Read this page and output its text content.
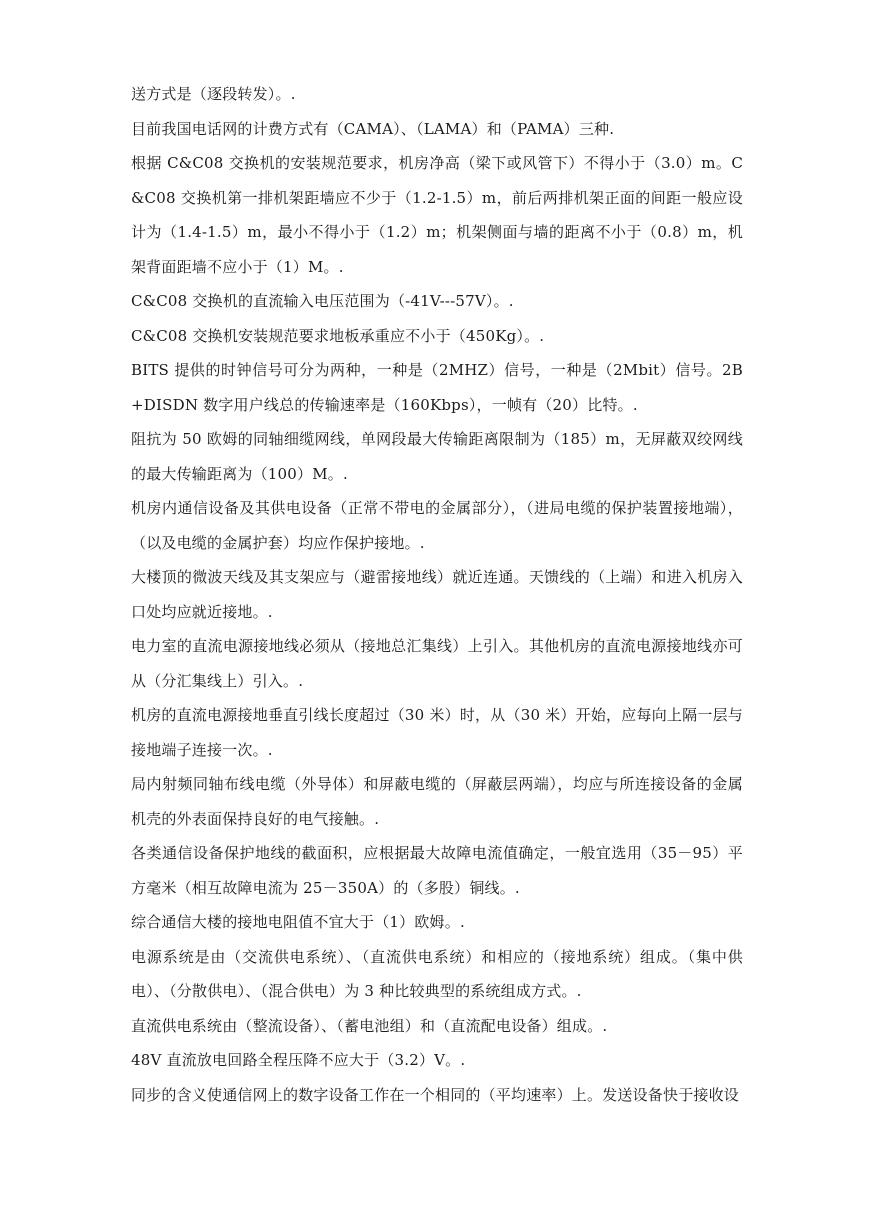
送方式是（逐段转发）。.

目前我国电话网的计费方式有（CAMA）、（LAMA）和（PAMA）三种.

根据 C&C08 交换机的安装规范要求，机房净高（梁下或风管下）不得小于（3.0）m。C&C08 交换机第一排机架距墙应不少于（1.2-1.5）m，前后两排机架正面的间距一般应设计为（1.4-1.5）m，最小不得小于（1.2）m；机架侧面与墙的距离不小于（0.8）m，机架背面距墙不应小于（1）M。.

C&C08 交换机的直流输入电压范围为（-41V---57V）。.

C&C08 交换机安装规范要求地板承重应不小于（450Kg）。.

BITS 提供的时钟信号可分为两种，一种是（2MHZ）信号，一种是（2Mbit）信号。2B+DISDN 数字用户线总的传输速率是（160Kbps），一帧有（20）比特。.

阻抗为 50 欧姆的同轴细缆网线，单网段最大传输距离限制为（185）m，无屏蔽双绞网线的最大传输距离为（100）M。.

机房内通信设备及其供电设备（正常不带电的金属部分），（进局电缆的保护装置接地端），（以及电缆的金属护套）均应作保护接地。.

大楼顶的微波天线及其支架应与（避雷接地线）就近连通。天馈线的（上端）和进入机房入口处均应就近接地。.

电力室的直流电源接地线必须从（接地总汇集线）上引入。其他机房的直流电源接地线亦可从（分汇集线上）引入。.

机房的直流电源接地垂直引线长度超过（30 米）时，从（30 米）开始，应每向上隔一层与接地端子连接一次。.

局内射频同轴布线电缆（外导体）和屏蔽电缆的（屏蔽层两端），均应与所连接设备的金属机壳的外表面保持良好的电气接触。.

各类通信设备保护地线的截面积，应根据最大故障电流值确定，一般宜选用（35－95）平方毫米（相互故障电流为 25－350A）的（多股）铜线。.

综合通信大楼的接地电阻值不宜大于（1）欧姆。.

电源系统是由（交流供电系统）、（直流供电系统）和相应的（接地系统）组成。（集中供电）、（分散供电）、（混合供电）为 3 种比较典型的系统组成方式。.

直流供电系统由（整流设备）、（蓄电池组）和（直流配电设备）组成。.

48V 直流放电回路全程压降不应大于（3.2）V。.

同步的含义使通信网上的数字设备工作在一个相同的（平均速率）上。发送设备快于接收设
